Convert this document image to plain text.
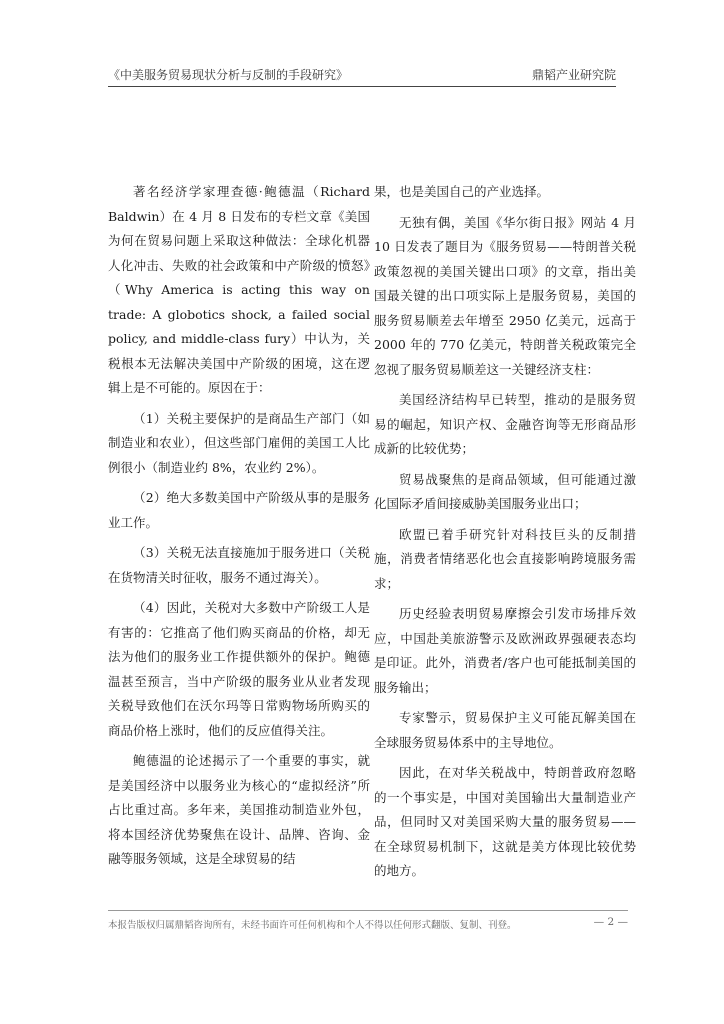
《中美服务贸易现状分析与反制的手段研究》	鼎韬产业研究院

著名经济学家理查德·鲍德温（Richard Baldwin）在 4 月 8 日发布的专栏文章《美国为何在贸易问题上采取这种做法：全球化机器人化冲击、失败的社会政策和中产阶级的愤怒》（Why America is acting this way on trade: A globotics shock, a failed social policy, and middle-class fury）中认为，关税根本无法解决美国中产阶级的困境，这在逻辑上是不可能的。原因在于：

（1）关税主要保护的是商品生产部门（如制造业和农业），但这些部门雇佣的美国工人比例很小（制造业约 8%，农业约 2%）。

（2）绝大多数美国中产阶级从事的是服务业工作。

（3）关税无法直接施加于服务进口（关税在货物清关时征收，服务不通过海关）。

（4）因此，关税对大多数中产阶级工人是有害的：它推高了他们购买商品的价格，却无法为他们的服务业工作提供额外的保护。鲍德温甚至预言，当中产阶级的服务业从业者发现关税导致他们在沃尔玛等日常购物场所购买的商品价格上涨时，他们的反应值得关注。

鲍德温的论述揭示了一个重要的事实，就是美国经济中以服务业为核心的“虚拟经济”所占比重过高。多年来，美国推动制造业外包，将本国经济优势聚焦在设计、品牌、咨询、金融等服务领域，这是全球贸易的结

果，也是美国自己的产业选择。

无独有偶，美国《华尔街日报》网站 4 月 10 日发表了题目为《服务贸易——特朗普关税政策忽视的美国关键出口项》的文章，指出美国最关键的出口项实际上是服务贸易，美国的服务贸易顺差去年增至 2950 亿美元，远高于 2000 年的 770 亿美元，特朗普关税政策完全忽视了服务贸易顺差这一关键经济支柱：

美国经济结构早已转型，推动的是服务贸易的崛起，知识产权、金融咨询等无形商品形成新的比较优势；

贸易战聚焦的是商品领域，但可能通过激化国际矛盾间接威胁美国服务业出口；

欧盟已着手研究针对科技巨头的反制措施，消费者情绪恶化也会直接影响跨境服务需求；

历史经验表明贸易摩擦会引发市场排斥效应，中国赴美旅游警示及欧洲政界强硬表态均是印证。此外，消费者/客户也可能抵制美国的服务输出；

专家警示，贸易保护主义可能瓦解美国在全球服务贸易体系中的主导地位。

因此，在对华关税战中，特朗普政府忽略的一个事实是，中国对美国输出大量制造业产品，但同时又对美国采购大量的服务贸易——在全球贸易机制下，这就是美方体现比较优势的地方。

本报告版权归属鼎韬咨询所有，未经书面许可任何机构和个人不得以任何形式翻版、复制、刊登。	— 2 —
